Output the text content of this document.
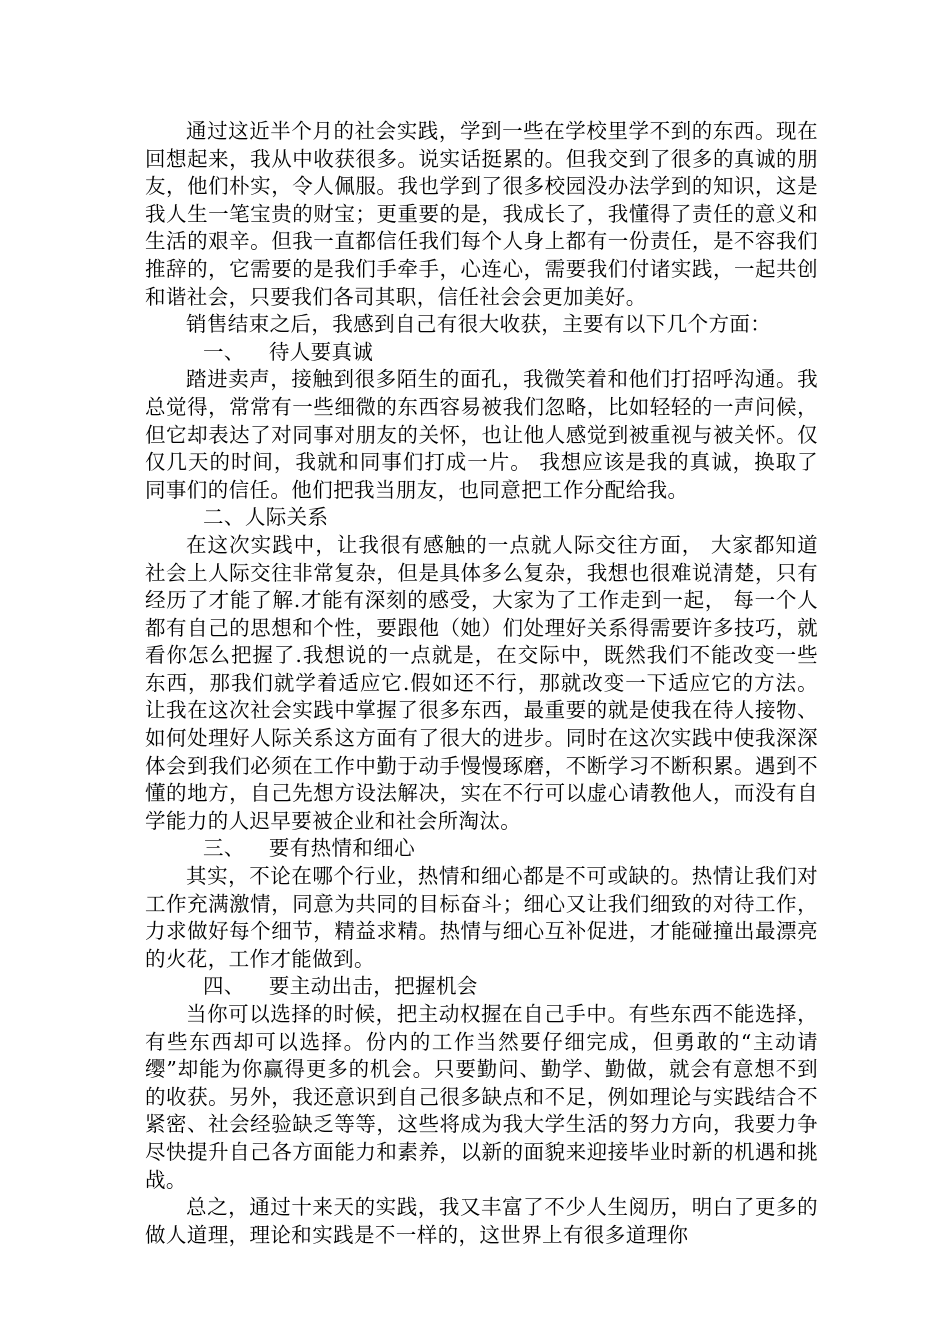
通过这近半个月的社会实践，学到一些在学校里学不到的东西。现在回想起来，我从中收获很多。说实话挺累的。但我交到了很多的真诚的朋友，他们朴实，令人佩服。我也学到了很多校园没办法学到的知识，这是我人生一笔宝贵的财宝；更重要的是，我成长了，我懂得了责任的意义和生活的艰辛。但我一直都信任我们每个人身上都有一份责任，是不容我们推辞的，它需要的是我们手牵手，心连心，需要我们付诸实践，一起共创和谐社会，只要我们各司其职，信任社会会更加美好。

销售结束之后，我感到自己有很大收获，主要有以下几个方面：

一、 待人要真诚

踏进卖声，接触到很多陌生的面孔，我微笑着和他们打招呼沟通。我总觉得，常常有一些细微的东西容易被我们忽略，比如轻轻的一声问候，但它却表达了对同事对朋友的关怀，也让他人感觉到被重视与被关怀。仅仅几天的时间，我就和同事们打成一片。 我想应该是我的真诚，换取了同事们的信任。他们把我当朋友，也同意把工作分配给我。

二、人际关系

在这次实践中，让我很有感触的一点就人际交往方面， 大家都知道社会上人际交往非常复杂，但是具体多么复杂，我想也很难说清楚，只有经历了才能了解.才能有深刻的感受，大家为了工作走到一起， 每一个人都有自己的思想和个性，要跟他（她）们处理好关系得需要许多技巧，就看你怎么把握了.我想说的一点就是，在交际中，既然我们不能改变一些东西，那我们就学着适应它.假如还不行，那就改变一下适应它的方法。让我在这次社会实践中掌握了很多东西，最重要的就是使我在待人接物、如何处理好人际关系这方面有了很大的进步。同时在这次实践中使我深深体会到我们必须在工作中勤于动手慢慢琢磨，不断学习不断积累。遇到不懂的地方，自己先想方设法解决，实在不行可以虚心请教他人，而没有自学能力的人迟早要被企业和社会所淘汰。

三、 要有热情和细心

其实，不论在哪个行业，热情和细心都是不可或缺的。热情让我们对工作充满激情，同意为共同的目标奋斗；细心又让我们细致的对待工作，力求做好每个细节，精益求精。热情与细心互补促进，才能碰撞出最漂亮的火花，工作才能做到。

四、 要主动出击，把握机会

当你可以选择的时候，把主动权握在自己手中。有些东西不能选择，有些东西却可以选择。份内的工作当然要仔细完成，但勇敢的“主动请缨”却能为你赢得更多的机会。只要勤问、勤学、勤做，就会有意想不到的收获。另外，我还意识到自己很多缺点和不足，例如理论与实践结合不紧密、社会经验缺乏等等，这些将成为我大学生活的努力方向，我要力争尽快提升自己各方面能力和素养，以新的面貌来迎接毕业时新的机遇和挑战。

总之，通过十来天的实践，我又丰富了不少人生阅历，明白了更多的做人道理，理论和实践是不一样的，这世界上有很多道理你
